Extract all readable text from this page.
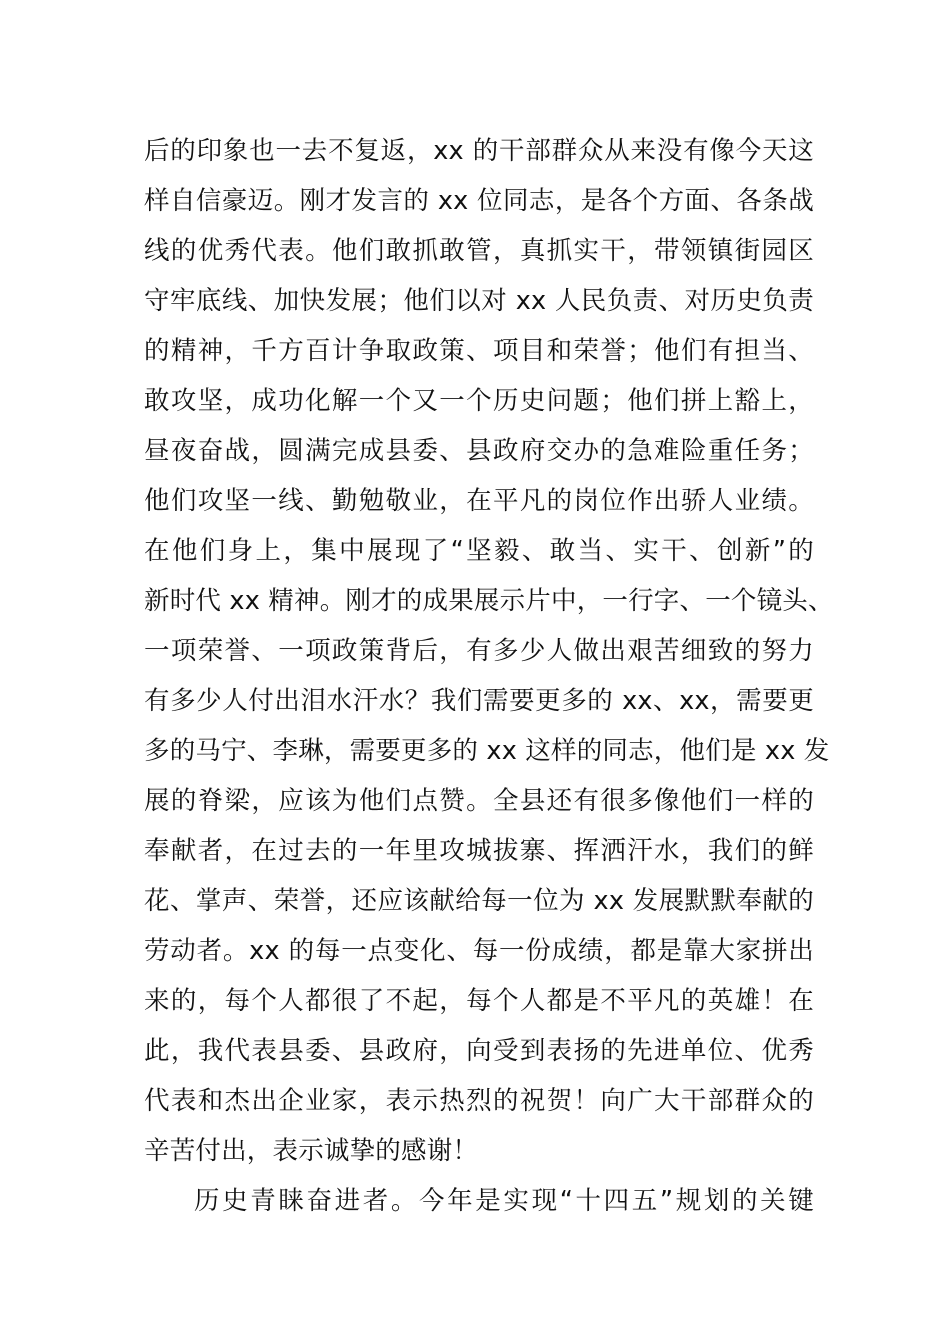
后的印象也一去不复返，xx 的干部群众从来没有像今天这
样自信豪迈。刚才发言的 xx 位同志，是各个方面、各条战
线的优秀代表。他们敢抓敢管，真抓实干，带领镇街园区
守牢底线、加快发展；他们以对 xx 人民负责、对历史负责
的精神，千方百计争取政策、项目和荣誉；他们有担当、
敢攻坚，成功化解一个又一个历史问题；他们拼上豁上，
昼夜奋战，圆满完成县委、县政府交办的急难险重任务；
他们攻坚一线、勤勉敬业，在平凡的岗位作出骄人业绩。
在他们身上，集中展现了“坚毅、敢当、实干、创新”的
新时代 xx 精神。刚才的成果展示片中，一行字、一个镜头、
一项荣誉、一项政策背后，有多少人做出艰苦细致的努力
有多少人付出泪水汗水？我们需要更多的 xx、xx，需要更
多的马宁、李琳，需要更多的 xx 这样的同志，他们是 xx 发
展的脊梁，应该为他们点赞。全县还有很多像他们一样的
奉献者，在过去的一年里攻城拔寨、挥洒汗水，我们的鲜
花、掌声、荣誉，还应该献给每一位为 xx 发展默默奉献的
劳动者。xx 的每一点变化、每一份成绩，都是靠大家拼出
来的，每个人都很了不起，每个人都是不平凡的英雄！在
此，我代表县委、县政府，向受到表扬的先进单位、优秀
代表和杰出企业家，表示热烈的祝贺！向广大干部群众的
辛苦付出，表示诚挚的感谢！
历史青睐奋进者。今年是实现“十四五”规划的关键
